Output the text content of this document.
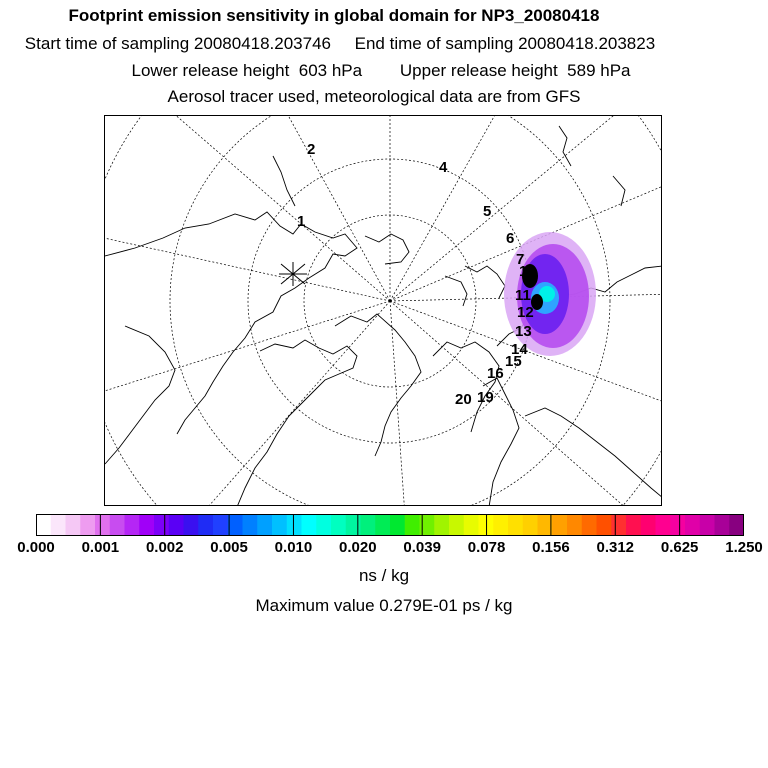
Footprint emission sensitivity in global domain for NP3_20080418
Start time of sampling 20080418.203746     End time of sampling 20080418.203823
Lower release height  603 hPa        Upper release height  589 hPa
Aerosol tracer used, meteorological data are from GFS
1
2
4
5
6
7
10
11
12
13
14
15
16
19
20
0.000 0.001 0.002 0.005 0.010 0.020 0.039 0.078 0.156 0.312 0.625 1.250
ns / kg
Maximum value 0.279E-01 ps / kg
